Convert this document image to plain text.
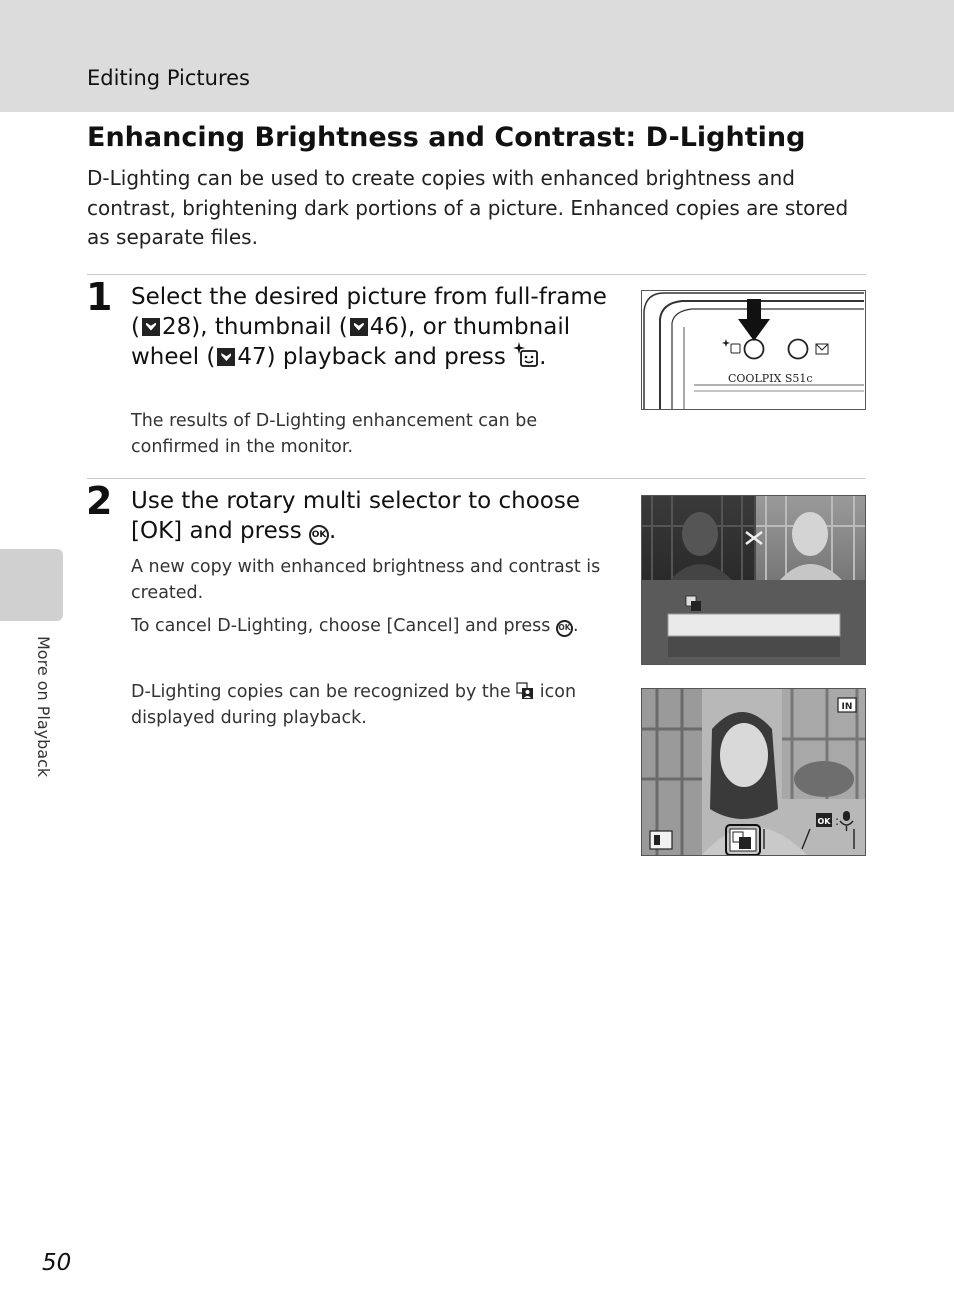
Editing Pictures
Enhancing Brightness and Contrast: D-Lighting

D-Lighting can be used to create copies with enhanced brightness and contrast, brightening dark portions of a picture. Enhanced copies are stored as separate files.

1 Select the desired picture from full-frame ( 28), thumbnail ( 46), or thumbnail wheel ( 47) playback and press .

The results of D-Lighting enhancement can be confirmed in the monitor.

COOLPIX S51c
2 Use the rotary multi selector to choose [OK] and press OK .

A new copy with enhanced brightness and contrast is created.

To cancel D-Lighting, choose [Cancel] and press OK .

D-Lighting copies can be recognized by the icon displayed during playback.

IN
OK :
More on Playback
50
